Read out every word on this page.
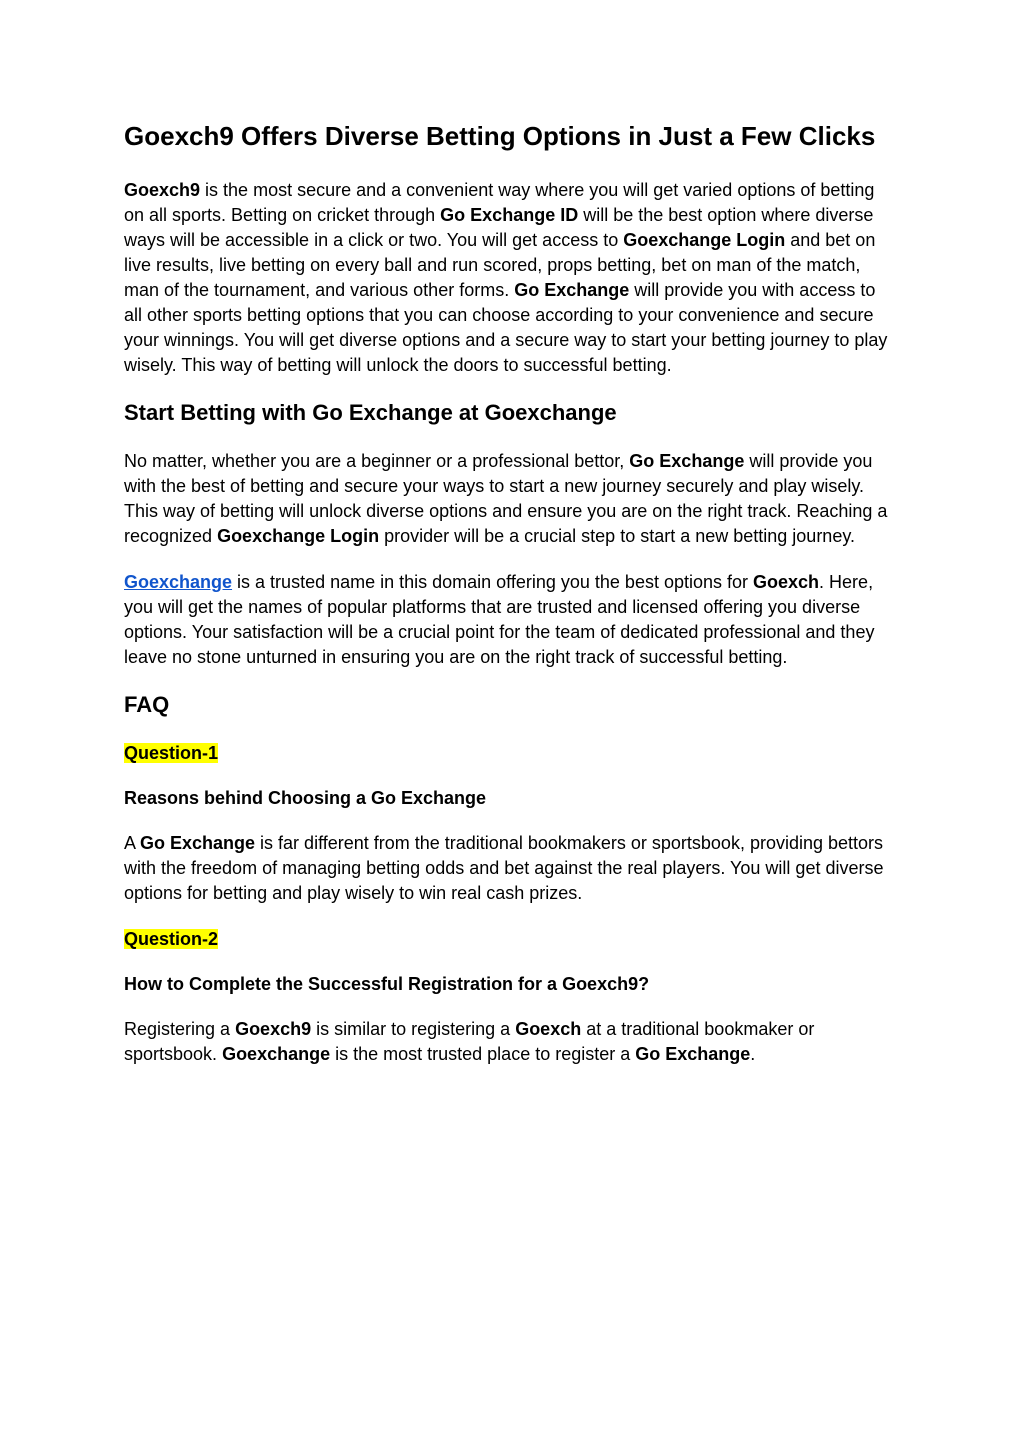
Goexch9 Offers Diverse Betting Options in Just a Few Clicks

Goexch9 is the most secure and a convenient way where you will get varied options of betting on all sports. Betting on cricket through Go Exchange ID will be the best option where diverse ways will be accessible in a click or two. You will get access to Goexchange Login and bet on live results, live betting on every ball and run scored, props betting, bet on man of the match, man of the tournament, and various other forms. Go Exchange will provide you with access to all other sports betting options that you can choose according to your convenience and secure your winnings. You will get diverse options and a secure way to start your betting journey to play wisely. This way of betting will unlock the doors to successful betting.

Start Betting with Go Exchange at Goexchange

No matter, whether you are a beginner or a professional bettor, Go Exchange will provide you with the best of betting and secure your ways to start a new journey securely and play wisely. This way of betting will unlock diverse options and ensure you are on the right track. Reaching a recognized Goexchange Login provider will be a crucial step to start a new betting journey.

Goexchange is a trusted name in this domain offering you the best options for Goexch. Here, you will get the names of popular platforms that are trusted and licensed offering you diverse options. Your satisfaction will be a crucial point for the team of dedicated professional and they leave no stone unturned in ensuring you are on the right track of successful betting.

FAQ
Question-1
Reasons behind Choosing a Go Exchange

A Go Exchange is far different from the traditional bookmakers or sportsbook, providing bettors with the freedom of managing betting odds and bet against the real players. You will get diverse options for betting and play wisely to win real cash prizes.

Question-2
How to Complete the Successful Registration for a Goexch9?

Registering a Goexch9 is similar to registering a Goexch at a traditional bookmaker or sportsbook. Goexchange is the most trusted place to register a Go Exchange.
